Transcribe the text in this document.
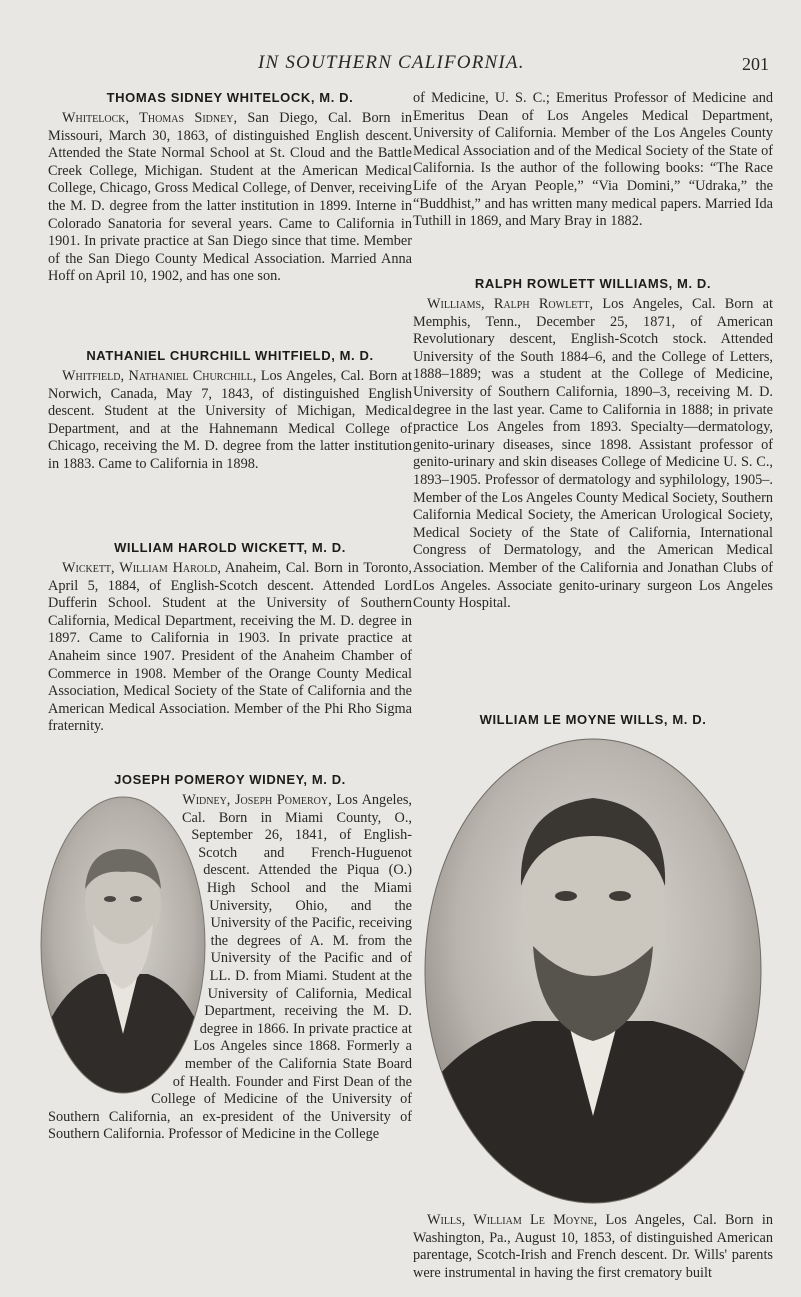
IN SOUTHERN CALIFORNIA.	201
THOMAS SIDNEY WHITELOCK, M. D.

Whitelock, Thomas Sidney, San Diego, Cal. Born in Missouri, March 30, 1863, of distinguished English descent. Attended the State Normal School at St. Cloud and the Battle Creek College, Michigan. Student at the American Medical College, Chicago, Gross Medical College, of Denver, receiving the M. D. degree from the latter institution in 1899. Interne in Colorado Sanatoria for several years. Came to California in 1901. In private practice at San Diego since that time. Member of the San Diego County Medical Association. Married Anna Hoff on April 10, 1902, and has one son.

NATHANIEL CHURCHILL WHITFIELD, M. D.

Whitfield, Nathaniel Churchill, Los Angeles, Cal. Born at Norwich, Canada, May 7, 1843, of distinguished English descent. Student at the University of Michigan, Medical Department, and at the Hahnemann Medical College of Chicago, receiving the M. D. degree from the latter institution in 1883. Came to California in 1898.

WILLIAM HAROLD WICKETT, M. D.

Wickett, William Harold, Anaheim, Cal. Born in Toronto, April 5, 1884, of English-Scotch descent. Attended Lord Dufferin School. Student at the University of Southern California, Medical Department, receiving the M. D. degree in 1897. Came to California in 1903. In private practice at Anaheim since 1907. President of the Anaheim Chamber of Commerce in 1908. Member of the Orange County Medical Association, Medical Society of the State of California and the American Medical Association. Member of the Phi Rho Sigma fraternity.

JOSEPH POMEROY WIDNEY, M. D.

Widney, Joseph Pomeroy, Los Angeles, Cal. Born in Miami County, O., September 26, 1841, of English-Scotch and French-Huguenot descent. Attended the Piqua (O.) High School and the Miami University, Ohio, and the University of the Pacific, receiving the degrees of A. M. from the University of the Pacific and of LL. D. from Miami. Student at the University of California, Medical Department, receiving the M. D. degree in 1866. In private practice at Los Angeles since 1868. Formerly a member of the California State Board of Health. Founder and First Dean of the College of Medicine of the University of Southern California, an ex-president of the University of Southern California. Professor of Medicine in the College

of Medicine, U. S. C.; Emeritus Professor of Medicine and Emeritus Dean of Los Angeles Medical Department, University of California. Member of the Los Angeles County Medical Association and of the Medical Society of the State of California. Is the author of the following books: “The Race Life of the Aryan People,” “Via Domini,” “Udraka,” the “Buddhist,” and has written many medical papers. Married Ida Tuthill in 1869, and Mary Bray in 1882.

RALPH ROWLETT WILLIAMS, M. D.

Williams, Ralph Rowlett, Los Angeles, Cal. Born at Memphis, Tenn., December 25, 1871, of American Revolutionary descent, English-Scotch stock. Attended University of the South 1884–6, and the College of Letters, 1888–1889; was a student at the College of Medicine, University of Southern California, 1890–3, receiving M. D. degree in the last year. Came to California in 1888; in private practice Los Angeles from 1893. Specialty—dermatology, genito-urinary diseases, since 1898. Assistant professor of genito-urinary and skin diseases College of Medicine U. S. C., 1893–1905. Professor of dermatology and syphilology, 1905–. Member of the Los Angeles County Medical Society, Southern California Medical Society, the American Urological Society, Medical Society of the State of California, International Congress of Dermatology, and the American Medical Association. Member of the California and Jonathan Clubs of Los Angeles. Associate genito-urinary surgeon Los Angeles County Hospital.

WILLIAM LE MOYNE WILLS, M. D.

Wills, William Le Moyne, Los Angeles, Cal. Born in Washington, Pa., August 10, 1853, of distinguished American parentage, Scotch-Irish and French descent. Dr. Wills' parents were instrumental in having the first crematory built
